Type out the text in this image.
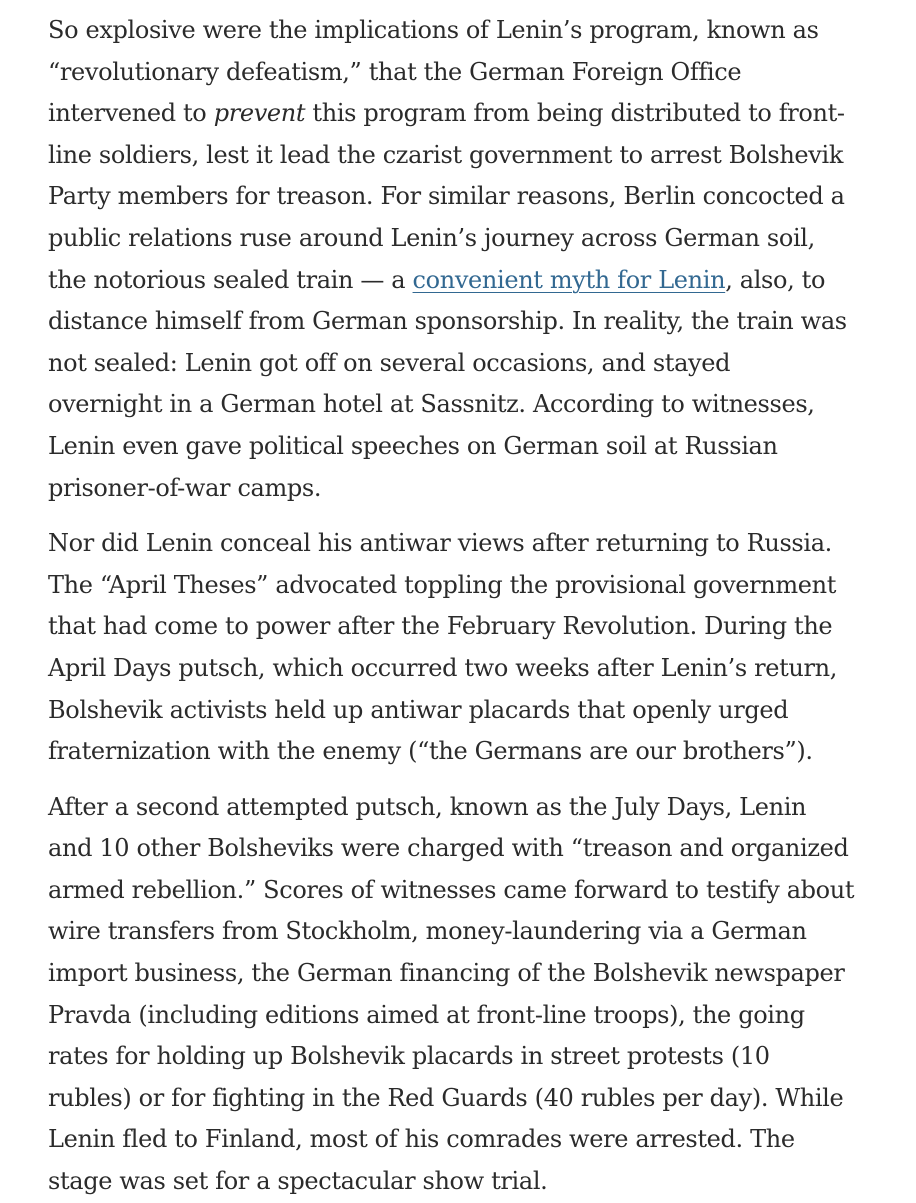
So explosive were the implications of Lenin’s program, known as
“revolutionary defeatism,” that the German Foreign Office
intervened to prevent this program from being distributed to front-
line soldiers, lest it lead the czarist government to arrest Bolshevik
Party members for treason. For similar reasons, Berlin concocted a
public relations ruse around Lenin’s journey across German soil,
the notorious sealed train — a convenient myth for Lenin, also, to
distance himself from German sponsorship. In reality, the train was
not sealed: Lenin got off on several occasions, and stayed
overnight in a German hotel at Sassnitz. According to witnesses,
Lenin even gave political speeches on German soil at Russian
prisoner-of-war camps.

Nor did Lenin conceal his antiwar views after returning to Russia.
The “April Theses” advocated toppling the provisional government
that had come to power after the February Revolution. During the
April Days putsch, which occurred two weeks after Lenin’s return,
Bolshevik activists held up antiwar placards that openly urged
fraternization with the enemy (“the Germans are our brothers”).

After a second attempted putsch, known as the July Days, Lenin
and 10 other Bolsheviks were charged with “treason and organized
armed rebellion.” Scores of witnesses came forward to testify about
wire transfers from Stockholm, money-laundering via a German
import business, the German financing of the Bolshevik newspaper
Pravda (including editions aimed at front-line troops), the going
rates for holding up Bolshevik placards in street protests (10
rubles) or for fighting in the Red Guards (40 rubles per day). While
Lenin fled to Finland, most of his comrades were arrested. The
stage was set for a spectacular show trial.
